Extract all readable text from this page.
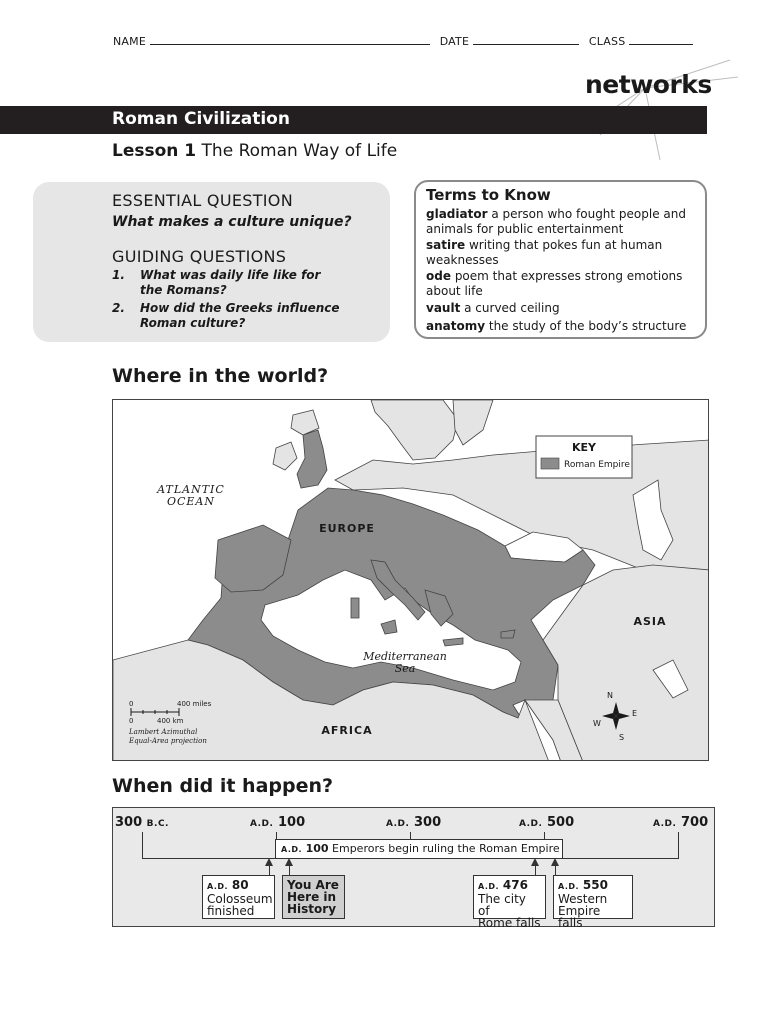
NAME	DATE	CLASS
networks
Roman Civilization
Lesson 1 The Roman Way of Life
ESSENTIAL QUESTION
What makes a culture unique?
GUIDING QUESTIONS
1. What was daily life like for the Romans?
2. How did the Greeks influence Roman culture?
Terms to Know
gladiator a person who fought people and animals for public entertainment
satire writing that pokes fun at human weaknesses
ode poem that expresses strong emotions about life
vault a curved ceiling
anatomy the study of the body’s structure
Where in the world?
KEY
Roman Empire
ATLANTIC
OCEAN
EUROPE
ASIA
AFRICA
Mediterranean
Sea
0	400 miles
0	400 km
Lambert Azimuthal
Equal-Area projection
N
S
W
E
When did it happen?
300 B.C.	A.D. 100	A.D. 300	A.D. 500	A.D. 700
A.D. 100 Emperors begin ruling the Roman Empire
A.D. 80
Colosseum
finished
You Are
Here in
History
A.D. 476
The city of
Rome falls
A.D. 550
Western
Empire falls
